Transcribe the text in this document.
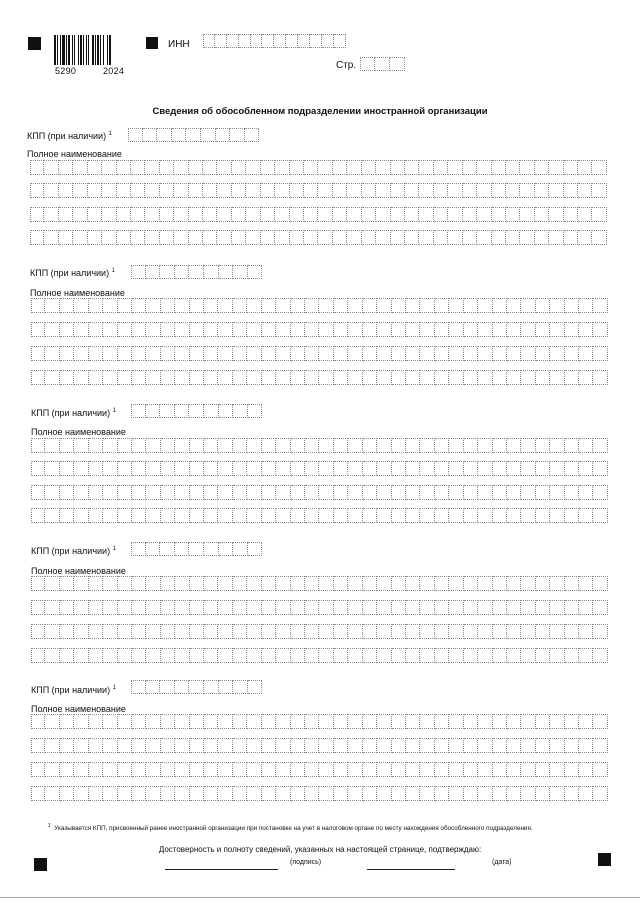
5290	2024
ИНН
Стр.
Сведения об обособленном подразделении иностранной организации
КПП (при наличии) $^1$
Полное наименование
КПП (при наличии) $^1$
Полное наименование
КПП (при наличии) $^1$
Полное наименование
КПП (при наличии) $^1$
Полное наименование
КПП (при наличии) $^1$
Полное наименование
$^1$ Указывается КПП, присвоенный ранее иностранной организации при постановке на учет в налоговом органе по месту нахождения обособленного подразделения.
Достоверность и полноту сведений, указанных на настоящей странице, подтверждаю:
(подпись)	(дата)
